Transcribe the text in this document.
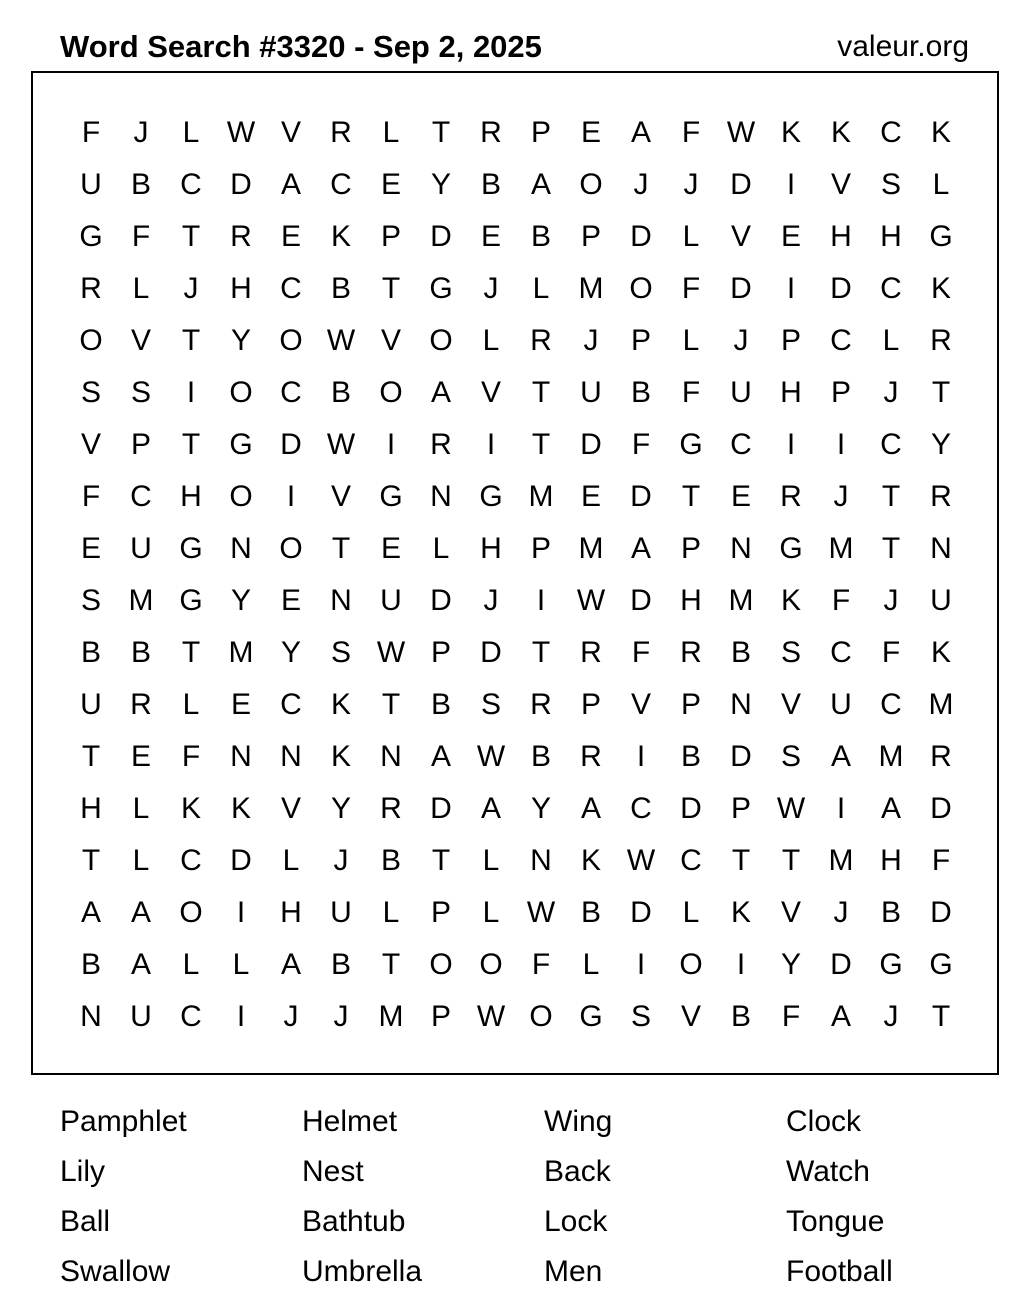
Word Search #3320 - Sep 2, 2025	valeur.org
F	J	L W V R	L	T	R P E A	F W K K C K
U B C D A C E Y B A O	J	J	D	I	V S	L
G F	T	R E K P D E B P D	L	V E H H G
R	L	J	H C B	T G	J	L M O F	D	I	D C K
O V	T	Y O W V O L	R	J	P	L	J	P C	L	R
S S	I	O C B O A V	T	U B	F	U H P	J	T
V P	T G D W	I	R	I	T	D	F G C	I	I	C Y
F	C H O	I	V G N G M E D	T	E R	J	T	R
E U G N O T	E	L	H P M A P N G M T	N
S M G Y E N U D	J	I	W D H M K	F	J	U
B B	T M Y S W P D	T	R	F	R B S C	F	K
U R	L	E C K	T	B S R P V P N V U C M
T	E	F	N N K N A W B R	I	B D S A M R
H	L	K K V Y R D A Y A C D P W	I	A D
T	L	C D	L	J	B	T	L	N K W C	T	T M H	F
A A O	I	H U	L	P	L W B D	L	K V	J	B D
B A	L	L	A B	T O O F	L	I	O	I	Y D G G
N U C	I	J	J	M P W O G S V B	F	A	J	T
Pamphlet	Helmet	Wing	Clock
Lily	Nest	Back	Watch
Ball	Bathtub	Lock	Tongue
Swallow	Umbrella	Men	Football
